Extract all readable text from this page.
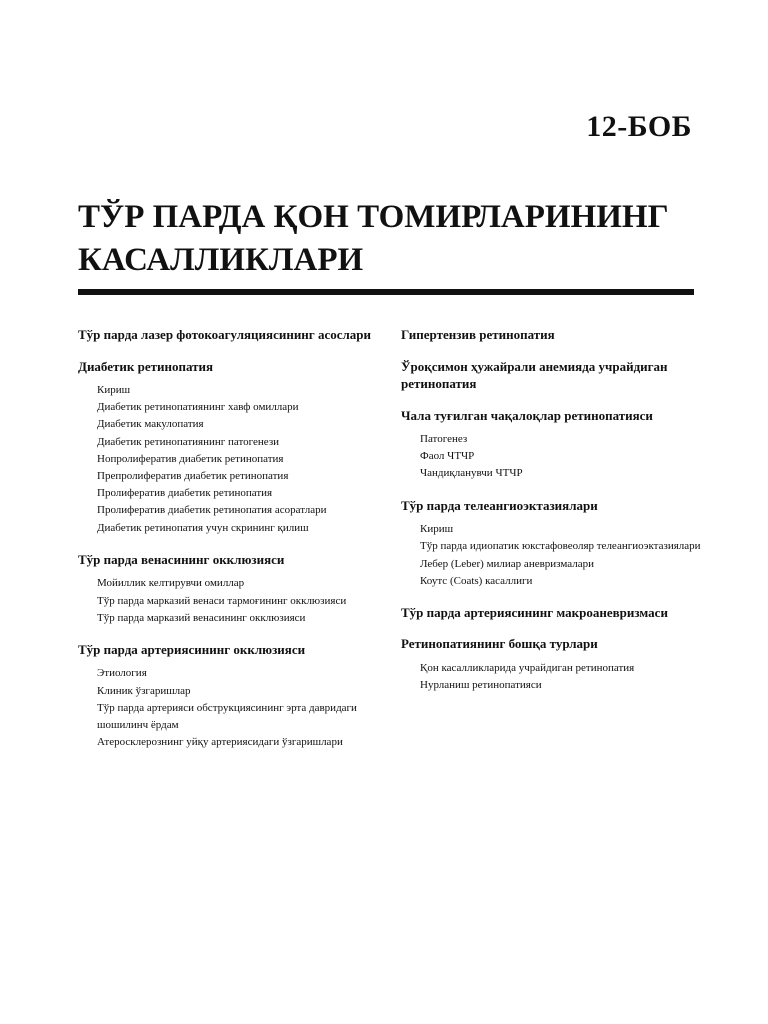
12-БОБ
ТЎР ПАРДА ҚОН ТОМИРЛАРИНИНГ КАСАЛЛИКЛАРИ
Тўр парда лазер фотокоагуляциясининг асослари
Диабетик ретинопатия
Кириш
Диабетик ретинопатиянинг хавф омиллари
Диабетик макулопатия
Диабетик ретинопатиянинг патогенези
Нопролифератив диабетик ретинопатия
Препролифератив диабетик ретинопатия
Пролифератив диабетик ретинопатия
Пролифератив диабетик ретинопатия асоратлари
Диабетик ретинопатия учун скрининг қилиш
Тўр парда венасининг окклюзияси
Мойиллик келтирувчи омиллар
Тўр парда марказий венаси тармоғининг окклюзияси
Тўр парда марказий венасининг окклюзияси
Тўр парда артериясининг окклюзияси
Этиология
Клиник ўзгаришлар
Тўр парда артерияси обструкциясининг эрта давридаги шошилинч ёрдам
Атеросклерознинг уйқу артериясидаги ўзгаришлари
Гипертензив ретинопатия
Ўроқсимон ҳужайрали анемияда учрайдиган ретинопатия
Чала туғилган чақалоқлар ретинопатияси
Патогенез
Фаол ЧТЧР
Чандиқланувчи ЧТЧР
Тўр парда телеангиоэктазиялари
Кириш
Тўр парда идиопатик юкстафовеоляр телеангиоэктазиялари
Лебер (Leber) милиар аневризмалари
Коутс (Coats) касаллиги
Тўр парда артериясининг макроаневризмаси
Ретинопатиянинг бошқа турлари
Қон касалликларида учрайдиган ретинопатия
Нурланиш ретинопатияси
